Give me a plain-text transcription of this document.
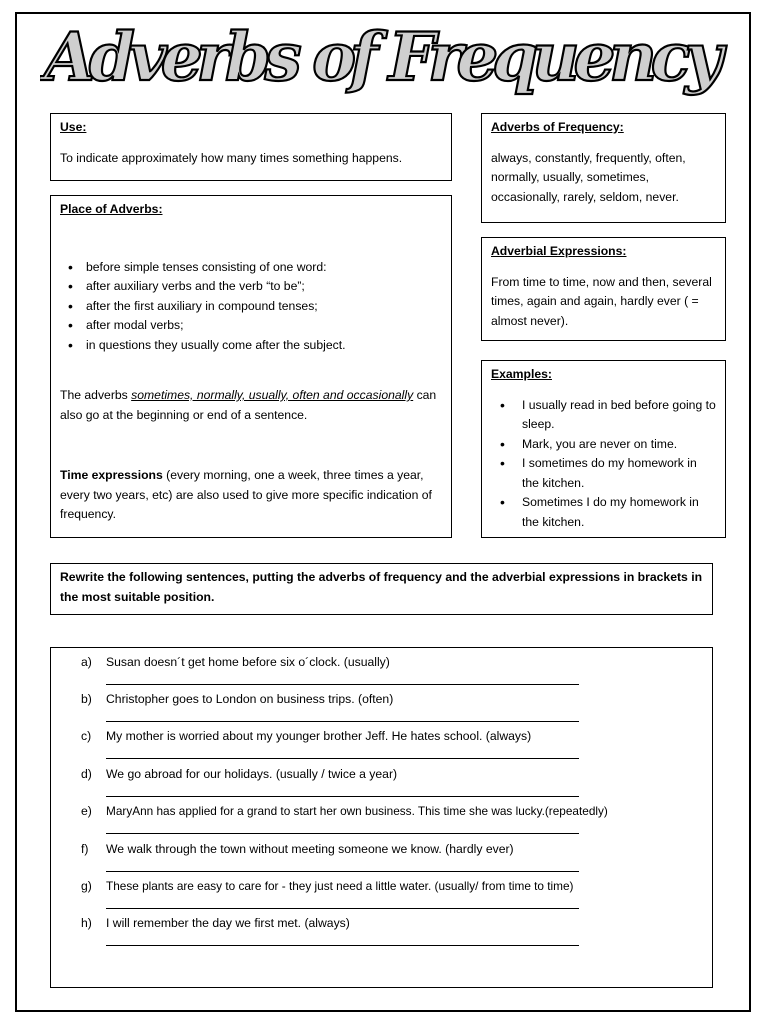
Adverbs of Frequency
Use:
To indicate approximately how many times something happens.
Place of Adverbs:
• before simple tenses consisting of one word:
• after auxiliary verbs and the verb “to be”;
• after the first auxiliary in compound tenses;
• after modal verbs;
• in questions they usually come after the subject.
The adverbs sometimes, normally, usually, often and occasionally can also go at the beginning or end of a sentence.
Time expressions (every morning, one a week, three times a year, every two years, etc) are also used to give more specific indication of frequency.
Adverbs of Frequency:
always, constantly, frequently, often, normally, usually, sometimes, occasionally, rarely, seldom, never.
Adverbial Expressions:
From time to time, now and then, several times, again and again, hardly ever ( = almost never).
Examples:
• I usually read in bed before going to sleep.
• Mark, you are never on time.
• I sometimes do my homework in the kitchen.
• Sometimes I do my homework in the kitchen.
Rewrite the following sentences, putting the adverbs of frequency and the adverbial expressions in brackets in the most suitable position.
a)	Susan doesn´t get home before six o´clock. (usually)
b)	Christopher goes to London on business trips. (often)
c)	My mother is worried about my younger brother Jeff. He hates school. (always)
d)	We go abroad for our holidays. (usually / twice a year)
e)	MaryAnn has applied for a grand to start her own business. This time she was lucky.(repeatedly)
f)	We walk through the town without meeting someone we know. (hardly ever)
g)	These plants are easy to care for - they just need a little water. (usually/ from time to time)
h)	I will remember the day we first met. (always)
